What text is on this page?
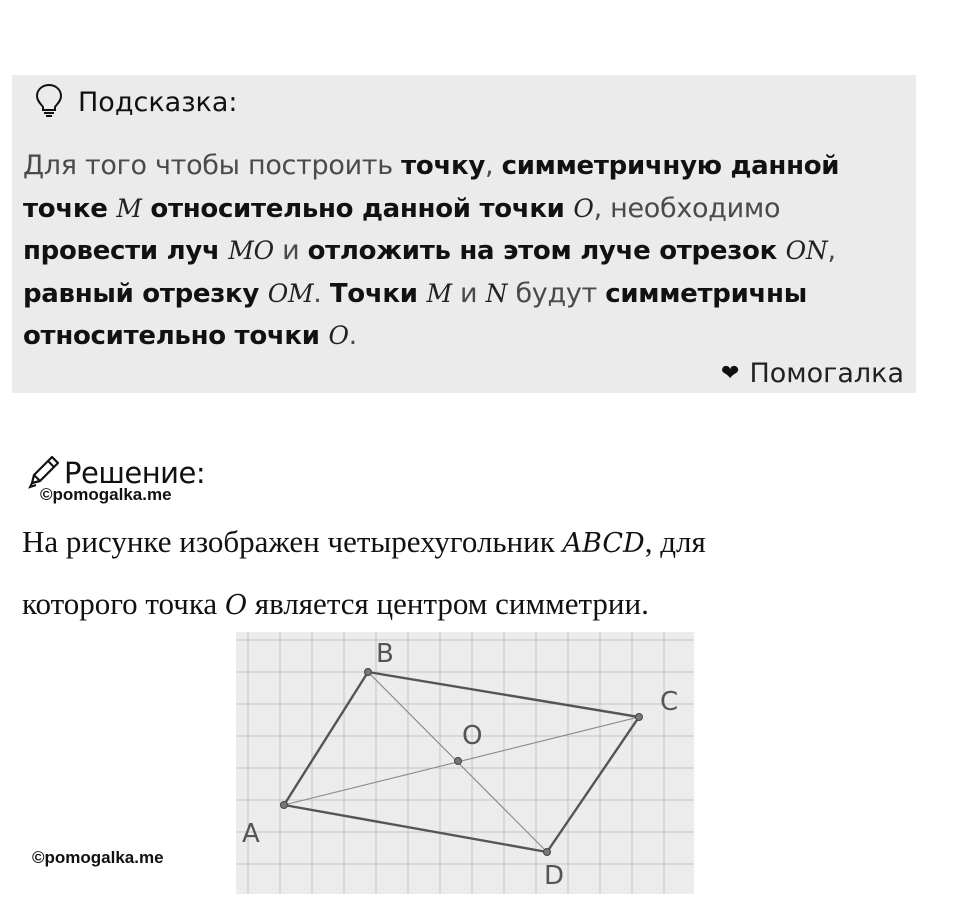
Подсказка:
Для того чтобы построить точку, симметричную данной
точке M относительно данной точки O, необходимо
провести луч MO и отложить на этом луче отрезок ON,
равный отрезку OM. Точки M и N будут симметричны
относительно точки O.
❤ Помогалка
Решение:
©pomogalka.me
На рисунке изображен четырехугольник ABCD, для
которого точка O является центром симметрии.
B
C
O
A
D
©pomogalka.me
